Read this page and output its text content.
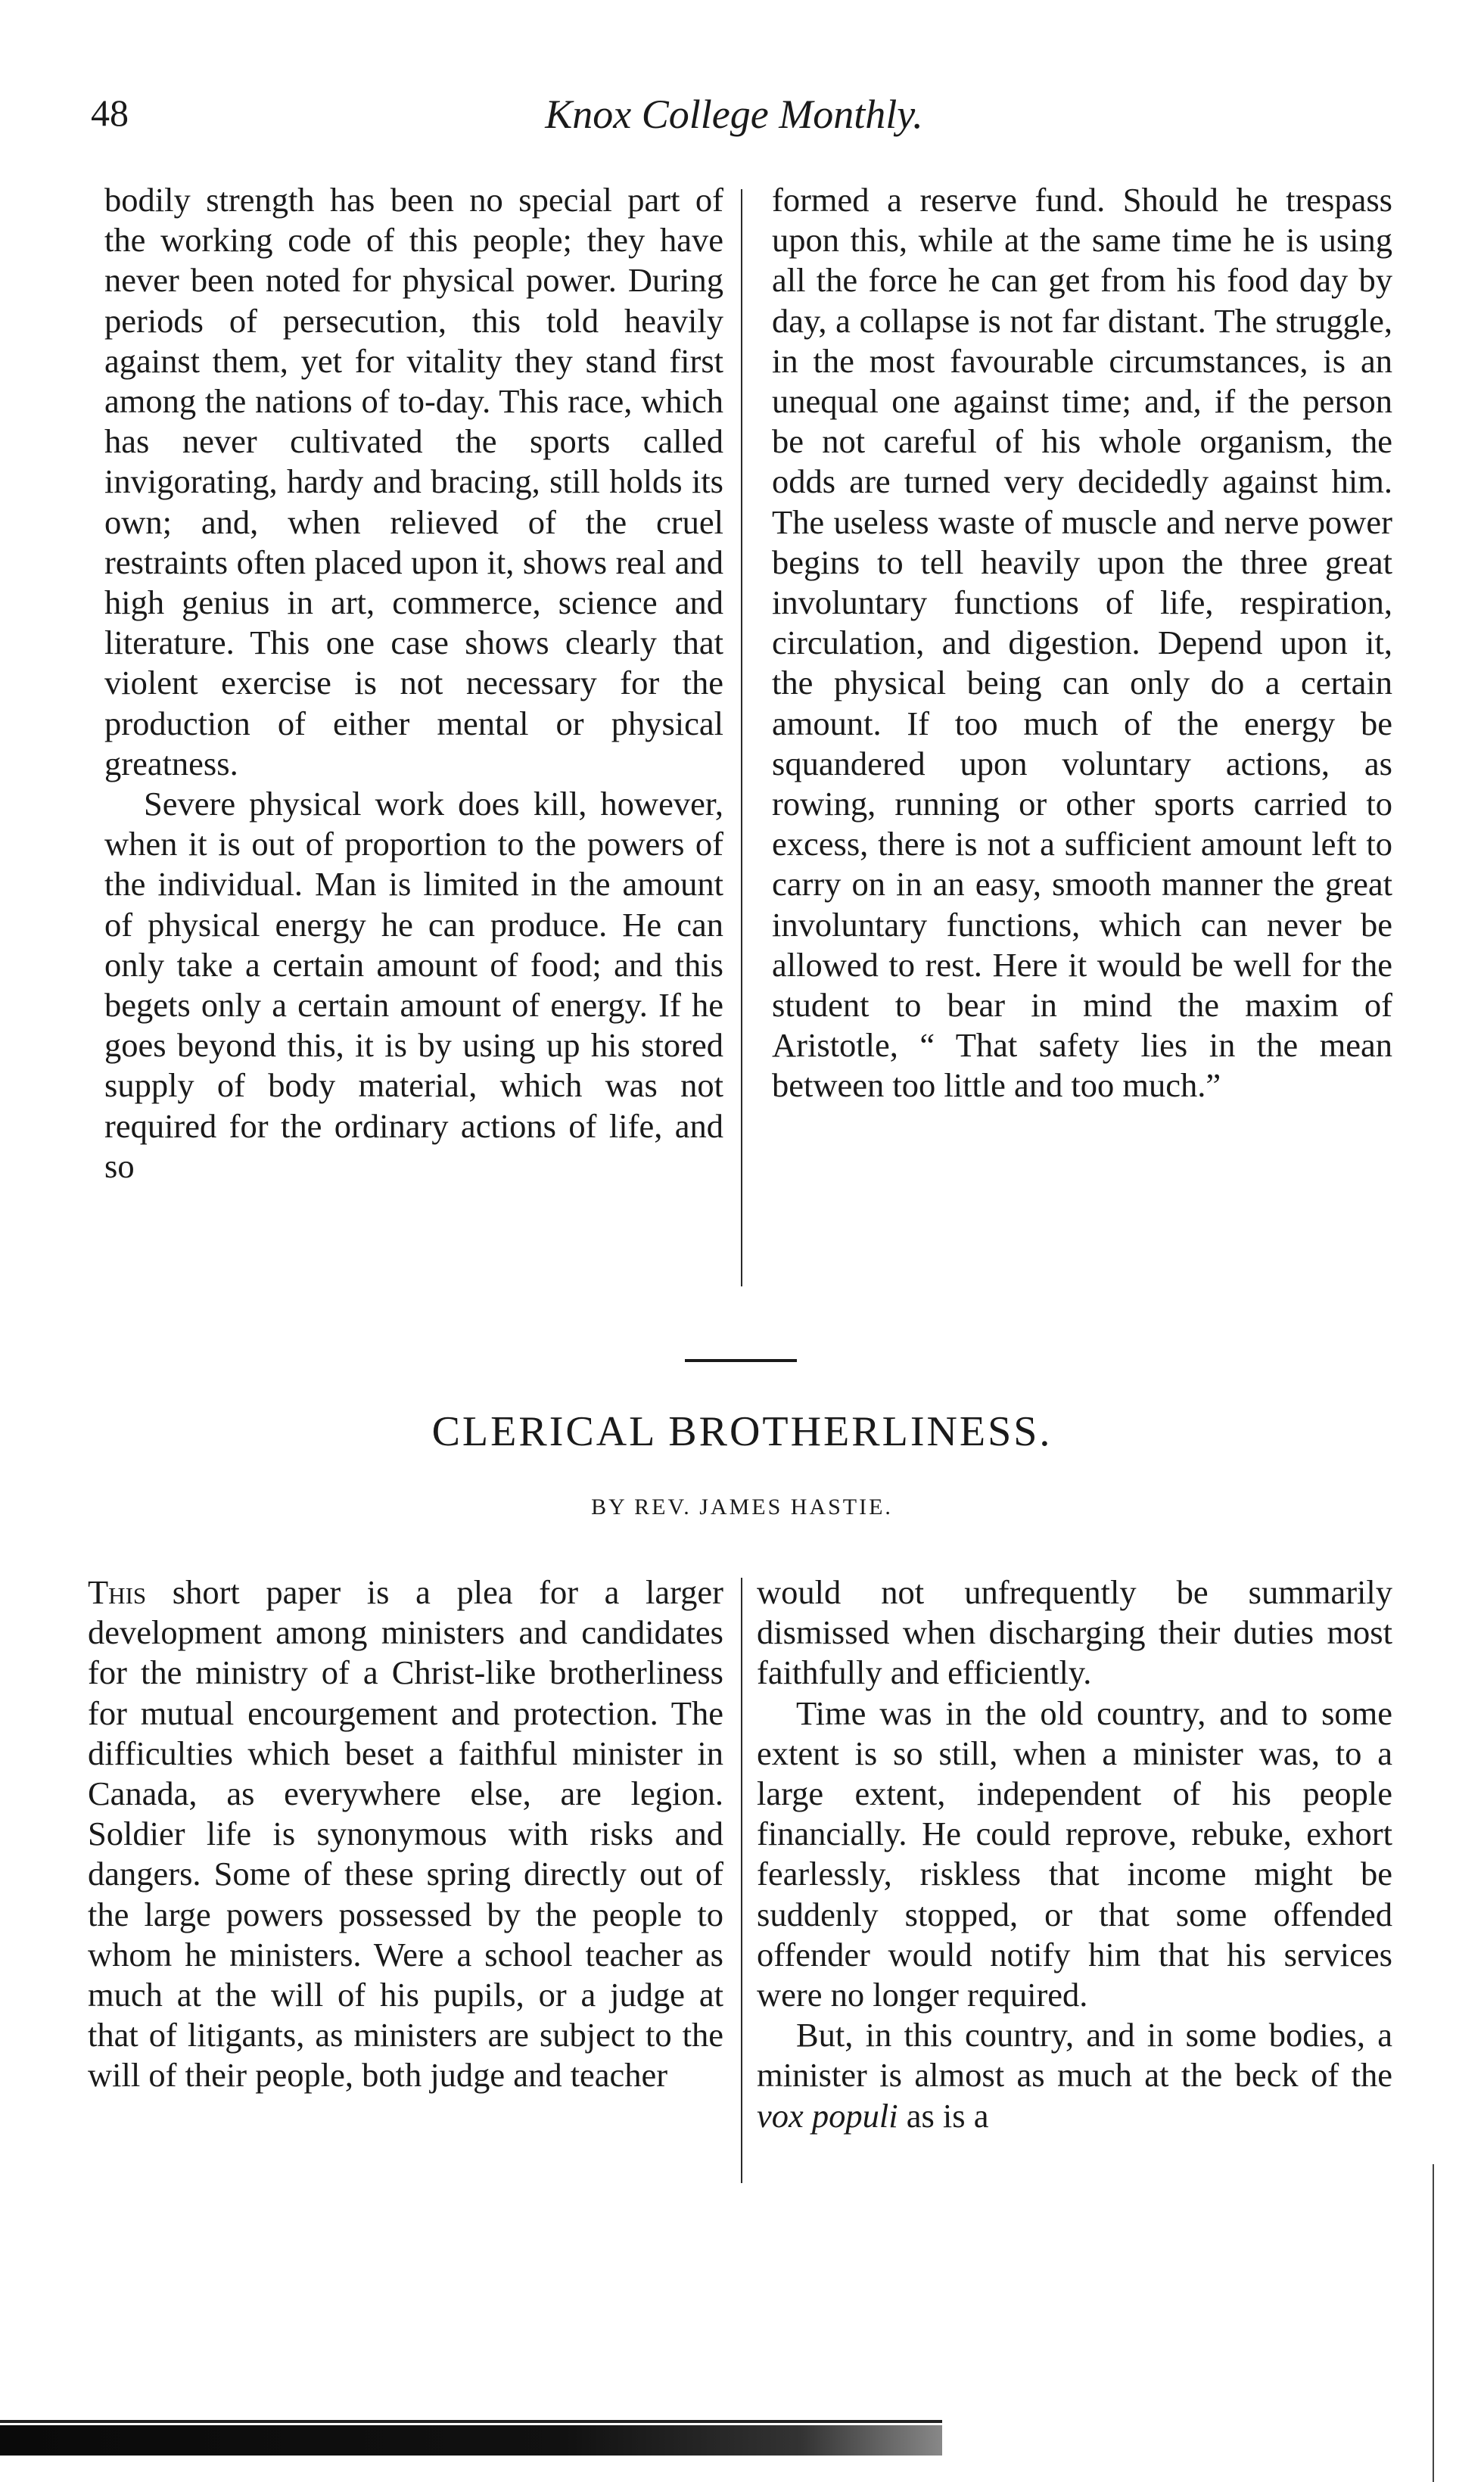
48	Knox College Monthly.

bodily strength has been no special part of the working code of this people; they have never been noted for physical power. During periods of persecution, this told heavily against them, yet for vitality they stand first among the nations of to-day. This race, which has never cultivated the sports called invigorating, hardy and bracing, still holds its own; and, when relieved of the cruel restraints often placed upon it, shows real and high genius in art, commerce, science and literature. This one case shows clearly that violent exercise is not necessary for the production of either mental or physical greatness.

Severe physical work does kill, however, when it is out of proportion to the powers of the individual. Man is limited in the amount of physical energy he can produce. He can only take a certain amount of food; and this begets only a certain amount of energy. If he goes beyond this, it is by using up his stored supply of body material, which was not required for the ordinary actions of life, and so

formed a reserve fund. Should he trespass upon this, while at the same time he is using all the force he can get from his food day by day, a collapse is not far distant. The struggle, in the most favourable circumstances, is an unequal one against time; and, if the person be not careful of his whole organism, the odds are turned very decidedly against him. The useless waste of muscle and nerve power begins to tell heavily upon the three great involuntary functions of life, respiration, circulation, and digestion. Depend upon it, the physical being can only do a certain amount. If too much of the energy be squandered upon voluntary actions, as rowing, running or other sports carried to excess, there is not a sufficient amount left to carry on in an easy, smooth manner the great involuntary functions, which can never be allowed to rest. Here it would be well for the student to bear in mind the maxim of Aristotle, “ That safety lies in the mean between too little and too much.”

CLERICAL BROTHERLINESS.
BY REV. JAMES HASTIE.

This short paper is a plea for a larger development among ministers and candidates for the ministry of a Christ-like brotherliness for mutual encourgement and protection. The difficulties which beset a faithful minister in Canada, as everywhere else, are legion. Soldier life is synonymous with risks and dangers. Some of these spring directly out of the large powers possessed by the people to whom he ministers. Were a school teacher as much at the will of his pupils, or a judge at that of litigants, as ministers are subject to the will of their people, both judge and teacher

would not unfrequently be summarily dismissed when discharging their duties most faithfully and efficiently.

Time was in the old country, and to some extent is so still, when a minister was, to a large extent, independent of his people financially. He could reprove, rebuke, exhort fearlessly, riskless that income might be suddenly stopped, or that some offended offender would notify him that his services were no longer required.

But, in this country, and in some bodies, a minister is almost as much at the beck of the vox populi as is a
